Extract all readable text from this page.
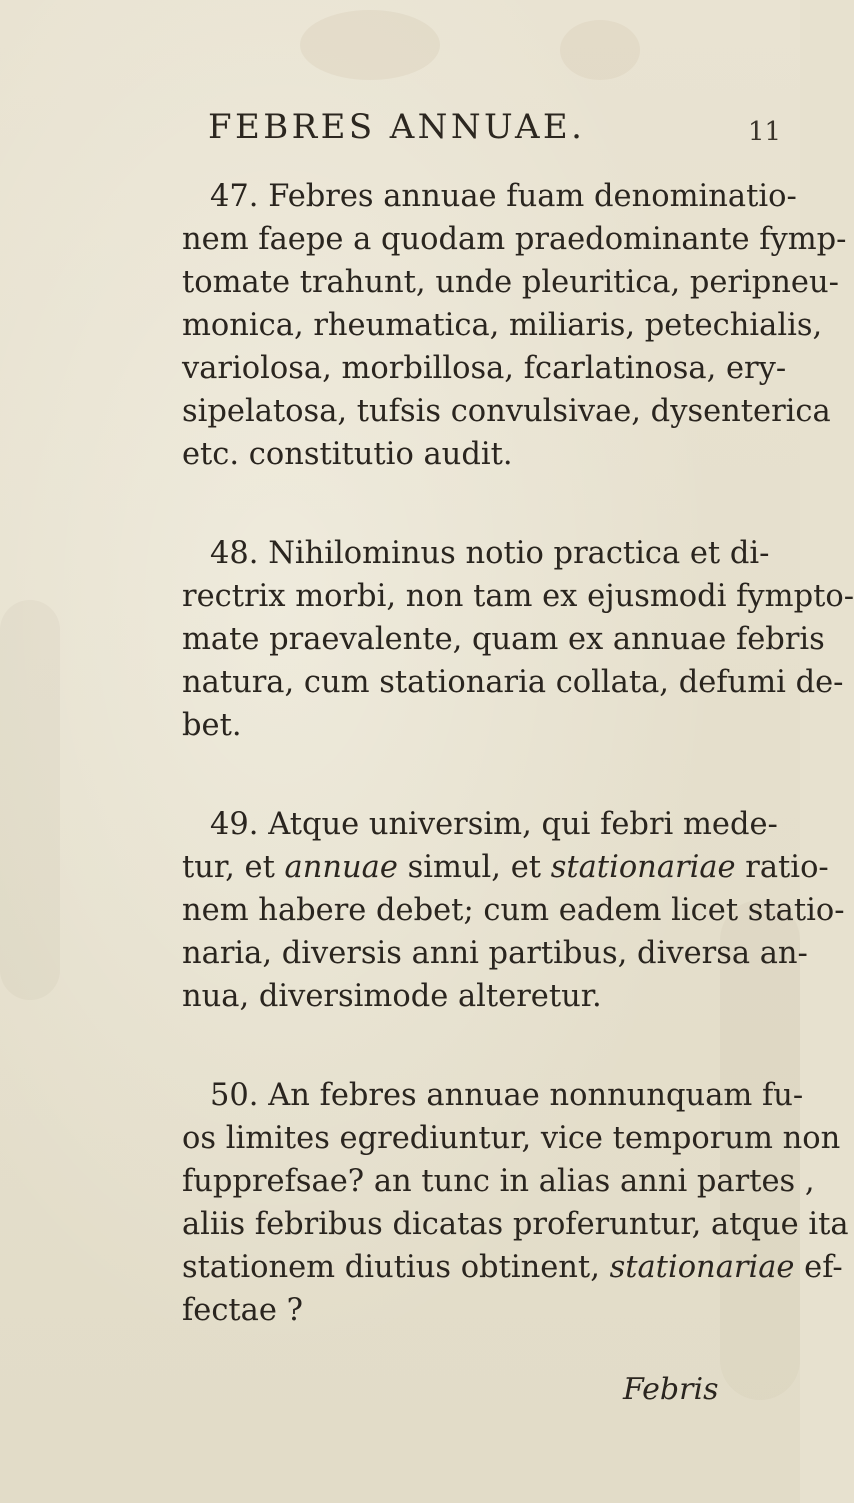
FEBRES ANNUAE.	11

47. Febres annuae fuam denominatio-
nem faepe a quodam praedominante fymp-
tomate trahunt, unde pleuritica, peripneu-
monica, rheumatica, miliaris, petechialis,
variolosa, morbillosa, fcarlatinosa, ery-
sipelatosa, tufsis convulsivae, dysenterica
etc. constitutio audit.

48. Nihilominus notio practica et di-
rectrix morbi, non tam ex ejusmodi fympto-
mate praevalente, quam ex annuae febris
natura, cum stationaria collata, defumi de-
bet.

49. Atque universim, qui febri mede-
tur, et annuae simul, et stationariae ratio-
nem habere debet; cum eadem licet statio-
naria, diversis anni partibus, diversa an-
nua, diversimode alteretur.

50. An febres annuae nonnunquam fu-
os limites egrediuntur, vice temporum non
fupprefsae? an tunc in alias anni partes ,
aliis febribus dicatas proferuntur, atque ita
stationem diutius obtinent, stationariae ef-
fectae ?

Febris
